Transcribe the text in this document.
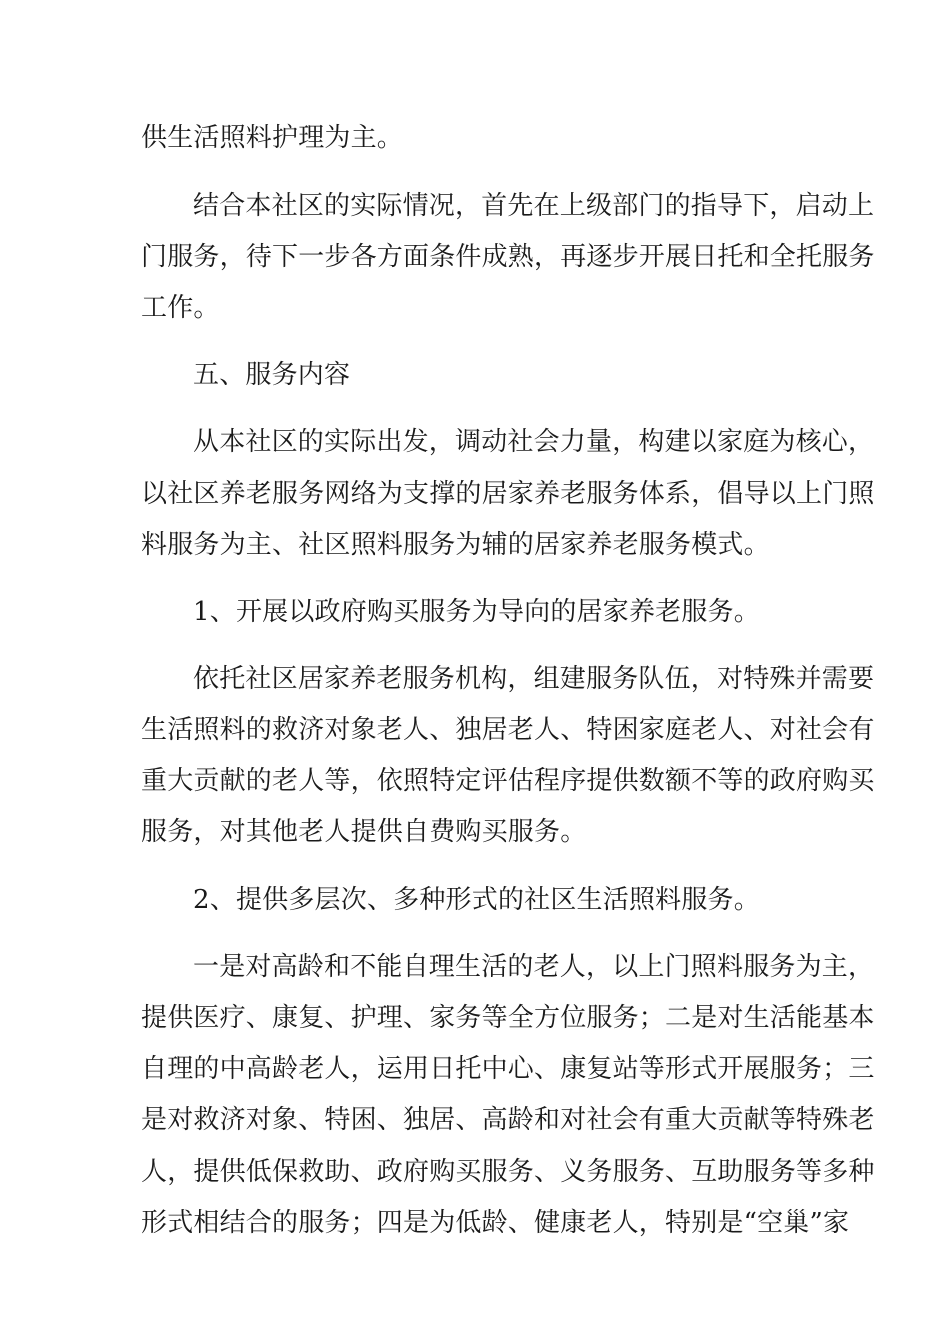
供生活照料护理为主。
结合本社区的实际情况，首先在上级部门的指导下，启动上
门服务，待下一步各方面条件成熟，再逐步开展日托和全托服务
工作。
五、服务内容
从本社区的实际出发，调动社会力量，构建以家庭为核心，
以社区养老服务网络为支撑的居家养老服务体系，倡导以上门照
料服务为主、社区照料服务为辅的居家养老服务模式。
1、开展以政府购买服务为导向的居家养老服务。
依托社区居家养老服务机构，组建服务队伍，对特殊并需要
生活照料的救济对象老人、独居老人、特困家庭老人、对社会有
重大贡献的老人等，依照特定评估程序提供数额不等的政府购买
服务，对其他老人提供自费购买服务。
2、提供多层次、多种形式的社区生活照料服务。
一是对高龄和不能自理生活的老人，以上门照料服务为主，
提供医疗、康复、护理、家务等全方位服务；二是对生活能基本
自理的中高龄老人，运用日托中心、康复站等形式开展服务；三
是对救济对象、特困、独居、高龄和对社会有重大贡献等特殊老
人，提供低保救助、政府购买服务、义务服务、互助服务等多种
形式相结合的服务；四是为低龄、健康老人，特别是“空巢”家
